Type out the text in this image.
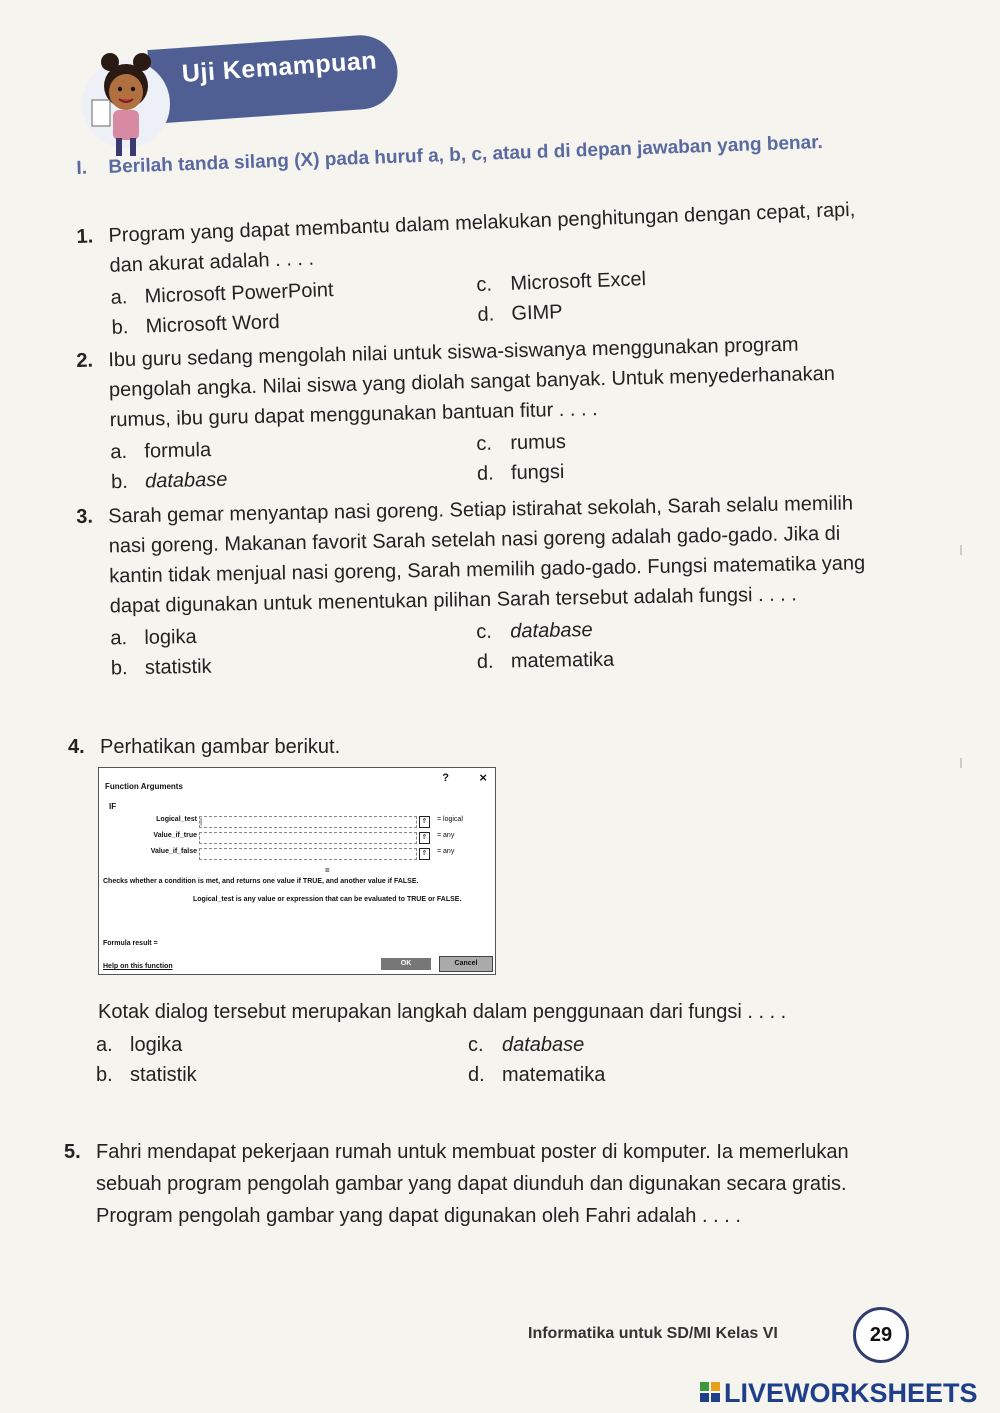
Uji Kemampuan
I. Berilah tanda silang (X) pada huruf a, b, c, atau d di depan jawaban yang benar.
1. Program yang dapat membantu dalam melakukan penghitungan dengan cepat, rapi, dan akurat adalah . . . .
a. Microsoft PowerPoint
b. Microsoft Word
c. Microsoft Excel
d. GIMP
2. Ibu guru sedang mengolah nilai untuk siswa-siswanya menggunakan program pengolah angka. Nilai siswa yang diolah sangat banyak. Untuk menyederhanakan rumus, ibu guru dapat menggunakan bantuan fitur . . . .
a. formula
b. database
c. rumus
d. fungsi
3. Sarah gemar menyantap nasi goreng. Setiap istirahat sekolah, Sarah selalu memilih nasi goreng. Makanan favorit Sarah setelah nasi goreng adalah gado-gado. Jika di kantin tidak menjual nasi goreng, Sarah memilih gado-gado. Fungsi matematika yang dapat digunakan untuk menentukan pilihan Sarah tersebut adalah fungsi . . . .
a. logika
b. statistik
c. database
d. matematika
4. Perhatikan gambar berikut.
Function Arguments
? ×
IF
Logical_test |	⇑	= logical
Value_if_true	⇑	= any
Value_if_false	⇑	= any
=
Checks whether a condition is met, and returns one value if TRUE, and another value if FALSE.
Logical_test is any value or expression that can be evaluated to TRUE or FALSE.
Formula result =
Help on this function	OK	Cancel
Kotak dialog tersebut merupakan langkah dalam penggunaan dari fungsi . . . .
a. logika
b. statistik
c. database
d. matematika
5. Fahri mendapat pekerjaan rumah untuk membuat poster di komputer. Ia memerlukan sebuah program pengolah gambar yang dapat diunduh dan digunakan secara gratis. Program pengolah gambar yang dapat digunakan oleh Fahri adalah . . . .
Informatika untuk SD/MI Kelas VI	29
LIVEWORKSHEETS
